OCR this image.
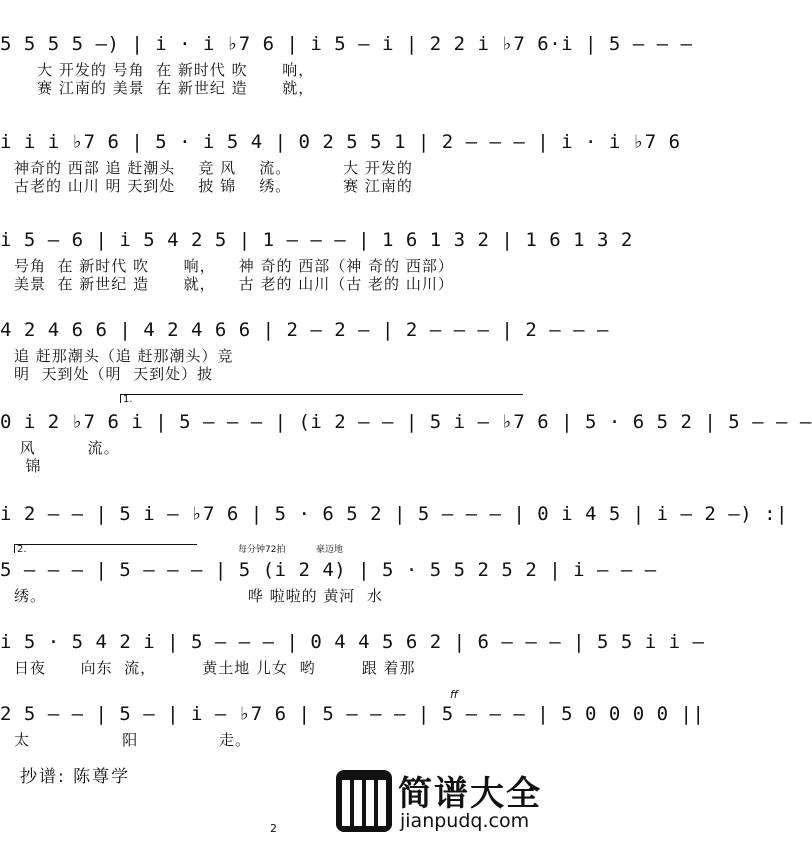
5 5 5 5 –) | i · i ♭7 6 | i 5 – i | 2 2 i ♭7 6·i | 5 – – –
大 开发的 号角  在 新时代 吹      响，
赛 江南的 美景  在 新世纪 造      就，
i i i ♭7 6 | 5 · i 5 4 | 0 2 5 5 1 | 2 – – – | i · i ♭7 6
神奇的 西部 追 赶潮头    竞 风    流。         大 开发的
古老的 山川 明 天到处    披 锦    绣。         赛 江南的
i 5 – 6 | i 5 4 2 5 | 1 – – – | 1 6 1 3 2 | 1 6 1 3 2
号角  在 新时代 吹      响，    神 奇的 西部（神 奇的 西部）
美景  在 新世纪 造      就，    古 老的 山川（古 老的 山川）
4 2 4 6 6 | 4 2 4 6 6 | 2 – 2 – | 2 – – – | 2 – – –
追 赶那潮头（追 赶那潮头）竞
明  天到处（明  天到处）披
1.
0 i 2 ♭7 6 i | 5 – – – | (i 2 – – | 5 i – ♭7 6 | 5 · 6 5 2 | 5 – – –
风         流。
锦
i 2 – – | 5 i – ♭7 6 | 5 · 6 5 2 | 5 – – – | 0 i 4 5 | i – 2 –) :|
2.	每分钟72拍	豪迈地
5 – – – | 5 – – – | 5 (i 2 4) | 5 · 5 5 2 5 2 | i – – –
绣。                                   哗 啦啦的 黄河  水
i 5 · 5 4 2 i | 5 – – – | 0 4 4 5 6 2 | 6 – – – | 5 5 i i –
日夜      向东  流，        黄土地 儿女  哟        跟 着那
ff
2 5 – – | 5 – | i – ♭7 6 | 5 – – – | 5 – – – | 5 0 0 0 0 ||
太                阳              走。
抄谱: 陈尊学
2
简谱大全
jianpudq.com
